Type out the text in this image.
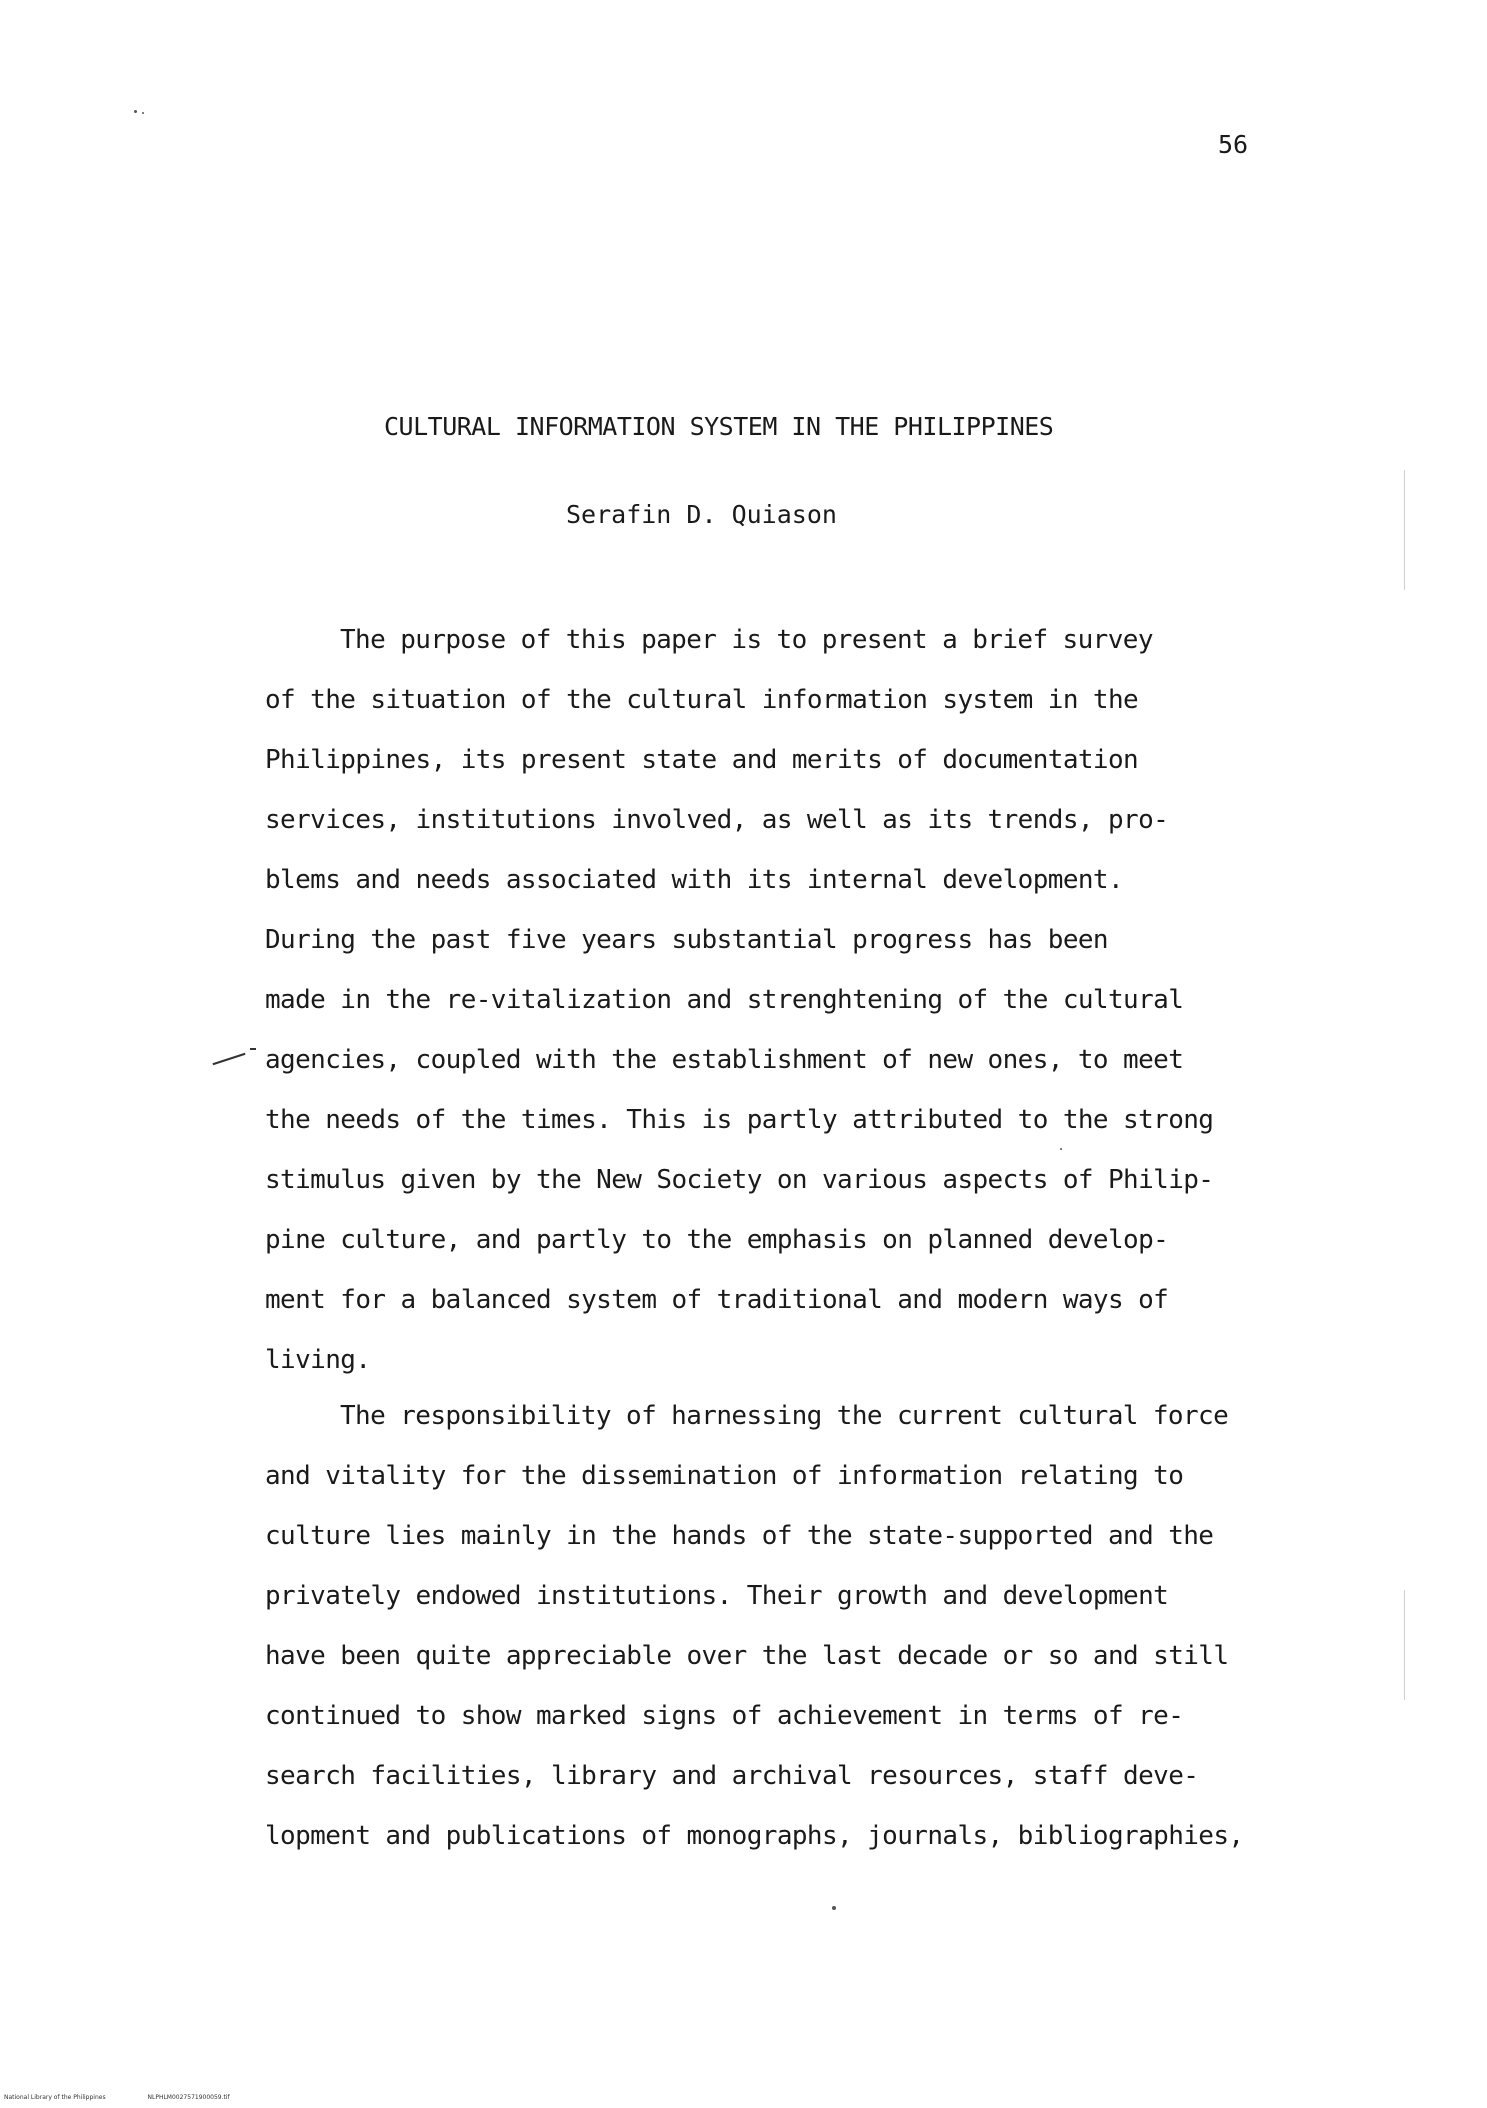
56
CULTURAL INFORMATION SYSTEM IN THE PHILIPPINES
Serafin D. Quiason
The purpose of this paper is to present a brief survey
of the situation of the cultural information system in the
Philippines, its present state and merits of documentation
services, institutions involved, as well as its trends, pro-
blems and needs associated with its internal development.
During the past five years substantial progress has been
made in the re-vitalization and strenghtening of the cultural
agencies, coupled with the establishment of new ones, to meet
the needs of the times. This is partly attributed to the strong
stimulus given by the New Society on various aspects of Philip-
pine culture, and partly to the emphasis on planned develop-
ment for a balanced system of traditional and modern ways of
living.
The responsibility of harnessing the current cultural force
and vitality for the dissemination of information relating to
culture lies mainly in the hands of the state-supported and the
privately endowed institutions. Their growth and development
have been quite appreciable over the last decade or so and still
continued to show marked signs of achievement in terms of re-
search facilities, library and archival resources, staff deve-
lopment and publications of monographs, journals, bibliographies,
National Library of the Philippines	NLPHLM0027571900059.tif
